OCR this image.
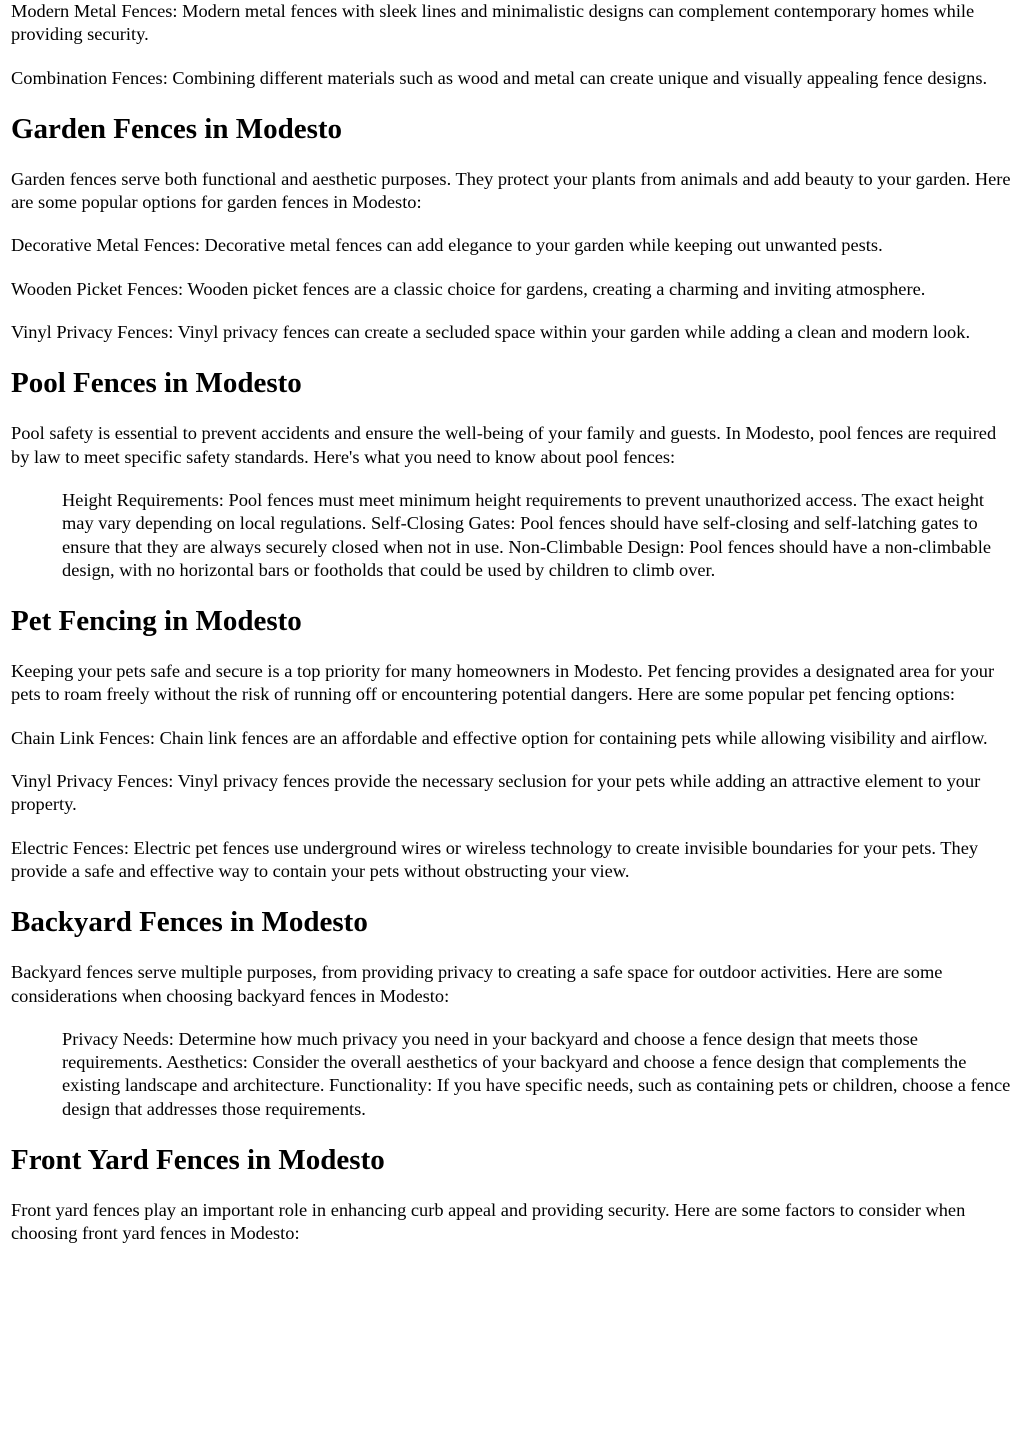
Modern Metal Fences: Modern metal fences with sleek lines and minimalistic designs can complement contemporary homes while providing security.

Combination Fences: Combining different materials such as wood and metal can create unique and visually appealing fence designs.

Garden Fences in Modesto

Garden fences serve both functional and aesthetic purposes. They protect your plants from animals and add beauty to your garden. Here are some popular options for garden fences in Modesto:

Decorative Metal Fences: Decorative metal fences can add elegance to your garden while keeping out unwanted pests.

Wooden Picket Fences: Wooden picket fences are a classic choice for gardens, creating a charming and inviting atmosphere.

Vinyl Privacy Fences: Vinyl privacy fences can create a secluded space within your garden while adding a clean and modern look.

Pool Fences in Modesto

Pool safety is essential to prevent accidents and ensure the well-being of your family and guests. In Modesto, pool fences are required by law to meet specific safety standards. Here's what you need to know about pool fences:

Height Requirements: Pool fences must meet minimum height requirements to prevent unauthorized access. The exact height may vary depending on local regulations. Self-Closing Gates: Pool fences should have self-closing and self-latching gates to ensure that they are always securely closed when not in use. Non-Climbable Design: Pool fences should have a non-climbable design, with no horizontal bars or footholds that could be used by children to climb over.
Pet Fencing in Modesto

Keeping your pets safe and secure is a top priority for many homeowners in Modesto. Pet fencing provides a designated area for your pets to roam freely without the risk of running off or encountering potential dangers. Here are some popular pet fencing options:

Chain Link Fences: Chain link fences are an affordable and effective option for containing pets while allowing visibility and airflow.

Vinyl Privacy Fences: Vinyl privacy fences provide the necessary seclusion for your pets while adding an attractive element to your property.

Electric Fences: Electric pet fences use underground wires or wireless technology to create invisible boundaries for your pets. They provide a safe and effective way to contain your pets without obstructing your view.

Backyard Fences in Modesto

Backyard fences serve multiple purposes, from providing privacy to creating a safe space for outdoor activities. Here are some considerations when choosing backyard fences in Modesto:

Privacy Needs: Determine how much privacy you need in your backyard and choose a fence design that meets those requirements. Aesthetics: Consider the overall aesthetics of your backyard and choose a fence design that complements the existing landscape and architecture. Functionality: If you have specific needs, such as containing pets or children, choose a fence design that addresses those requirements.
Front Yard Fences in Modesto

Front yard fences play an important role in enhancing curb appeal and providing security. Here are some factors to consider when choosing front yard fences in Modesto:
